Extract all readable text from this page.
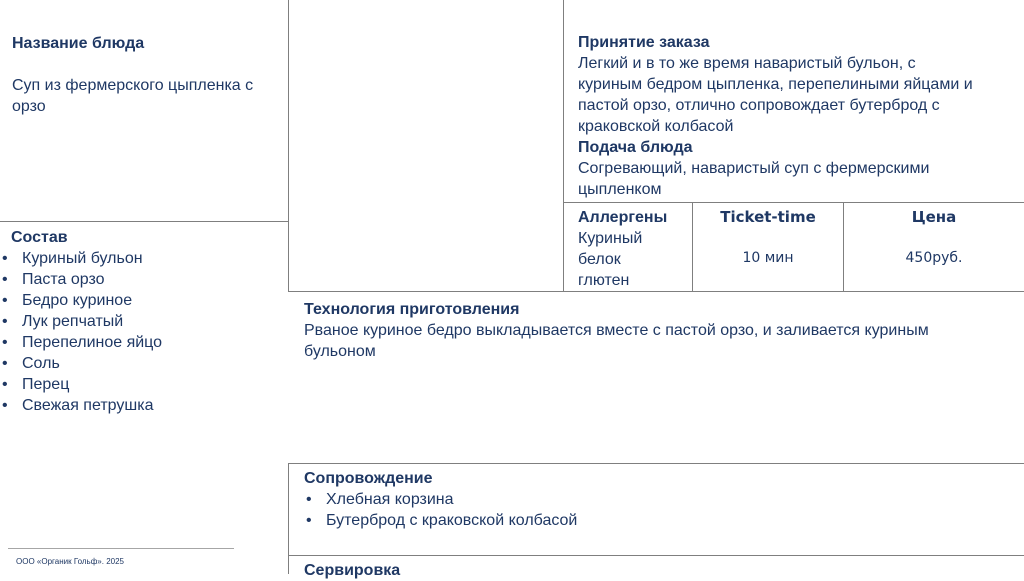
Название блюда

Суп из фермерского цыпленка с
орзо
Состав
• Куриный бульон
• Паста орзо
• Бедро куриное
• Лук репчатый
• Перепелиное яйцо
• Соль
• Перец
• Свежая петрушка
Принятие заказа
Легкий и в то же время наваристый бульон, с
куриным бедром цыпленка, перепелиными яйцами и
пастой орзо, отлично сопровождает бутерброд с
краковской колбасой
Подача блюда
Согревающий, наваристый суп с фермерскими
цыпленком
Аллергены
Куриный
белок
глютен
Ticket-time
10 мин
Цена
450руб.
Технология приготовления
Рваное куриное бедро выкладывается вместе с пастой орзо, и заливается куриным
бульоном
Сопровождение
• Хлебная корзина
• Бутерброд с краковской колбасой
Сервировка
ООО «Органик Гольф». 2025
